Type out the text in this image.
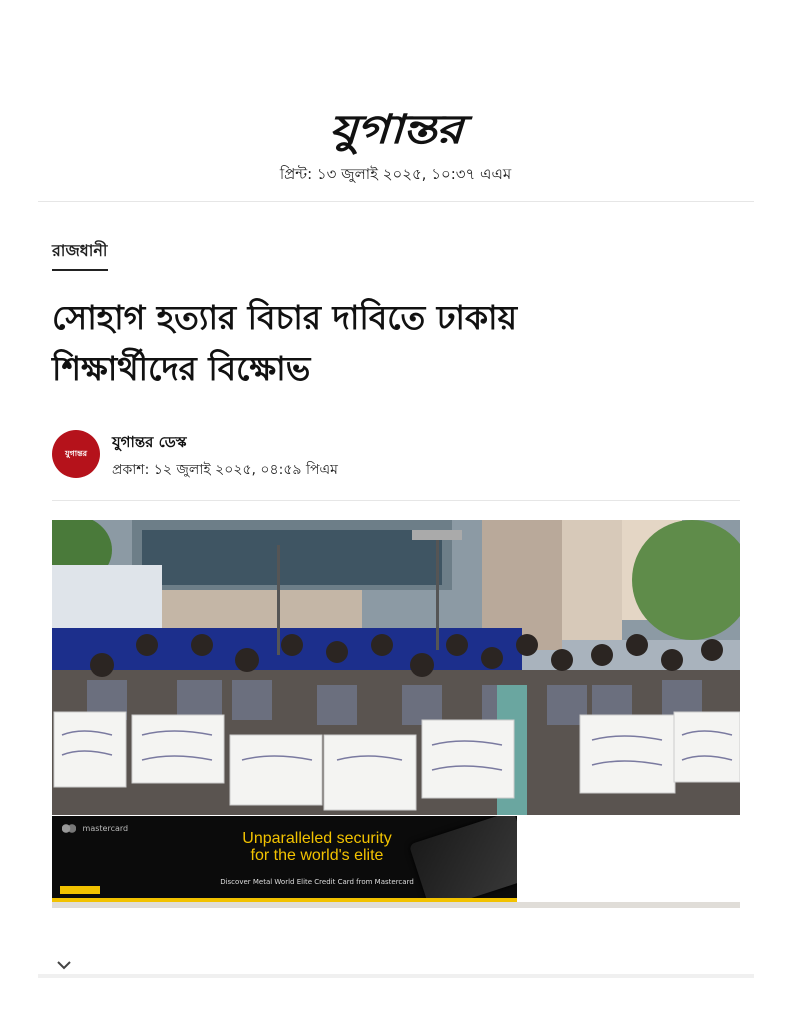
যুগান্তর
প্রিন্ট: ১৩ জুলাই ২০২৫, ১০:৩৭ এএম
রাজধানী
সোহাগ হত্যার বিচার দাবিতে ঢাকায়
শিক্ষার্থীদের বিক্ষোভ
যুগান্তর
যুগান্তর ডেস্ক
প্রকাশ: ১২ জুলাই ২০২৫, ০৪:৫৯ পিএম
mastercard
Unparalleled security
for the world's elite
Discover Metal World Elite Credit Card from Mastercard
